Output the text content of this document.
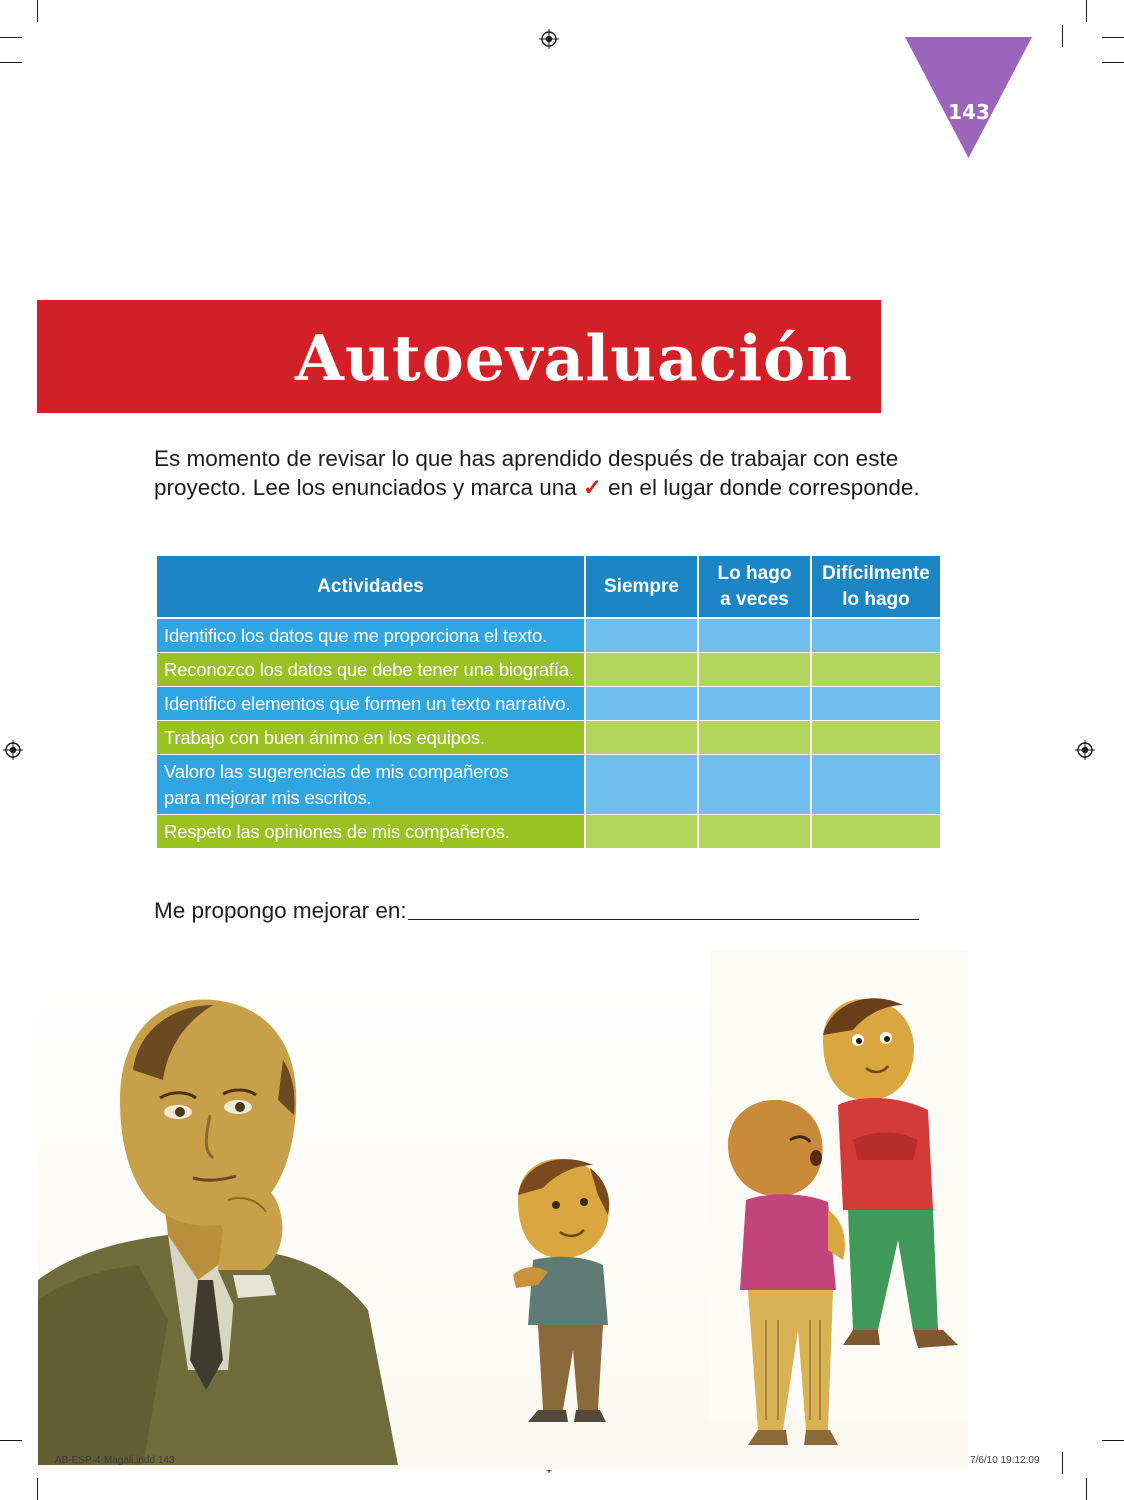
143
Autoevaluación
Es momento de revisar lo que has aprendido después de trabajar con este proyecto. Lee los enunciados y marca una ✓ en el lugar donde corresponde.
Actividades	Siempre	Lo hago a veces	Difícilmente lo hago
Identifico los datos que me proporciona el texto.			
Reconozco los datos que debe tener una biografía.			
Identifico elementos que formen un texto narrativo.			
Trabajo con buen ánimo en los equipos.			
Valoro las sugerencias de mis compañeros para mejorar mis escritos.			
Respeto las opiniones de mis compañeros.			
Me propongo mejorar en:
AB-ESP-4-Magali.indd 143	7/6/10 19:12:09
